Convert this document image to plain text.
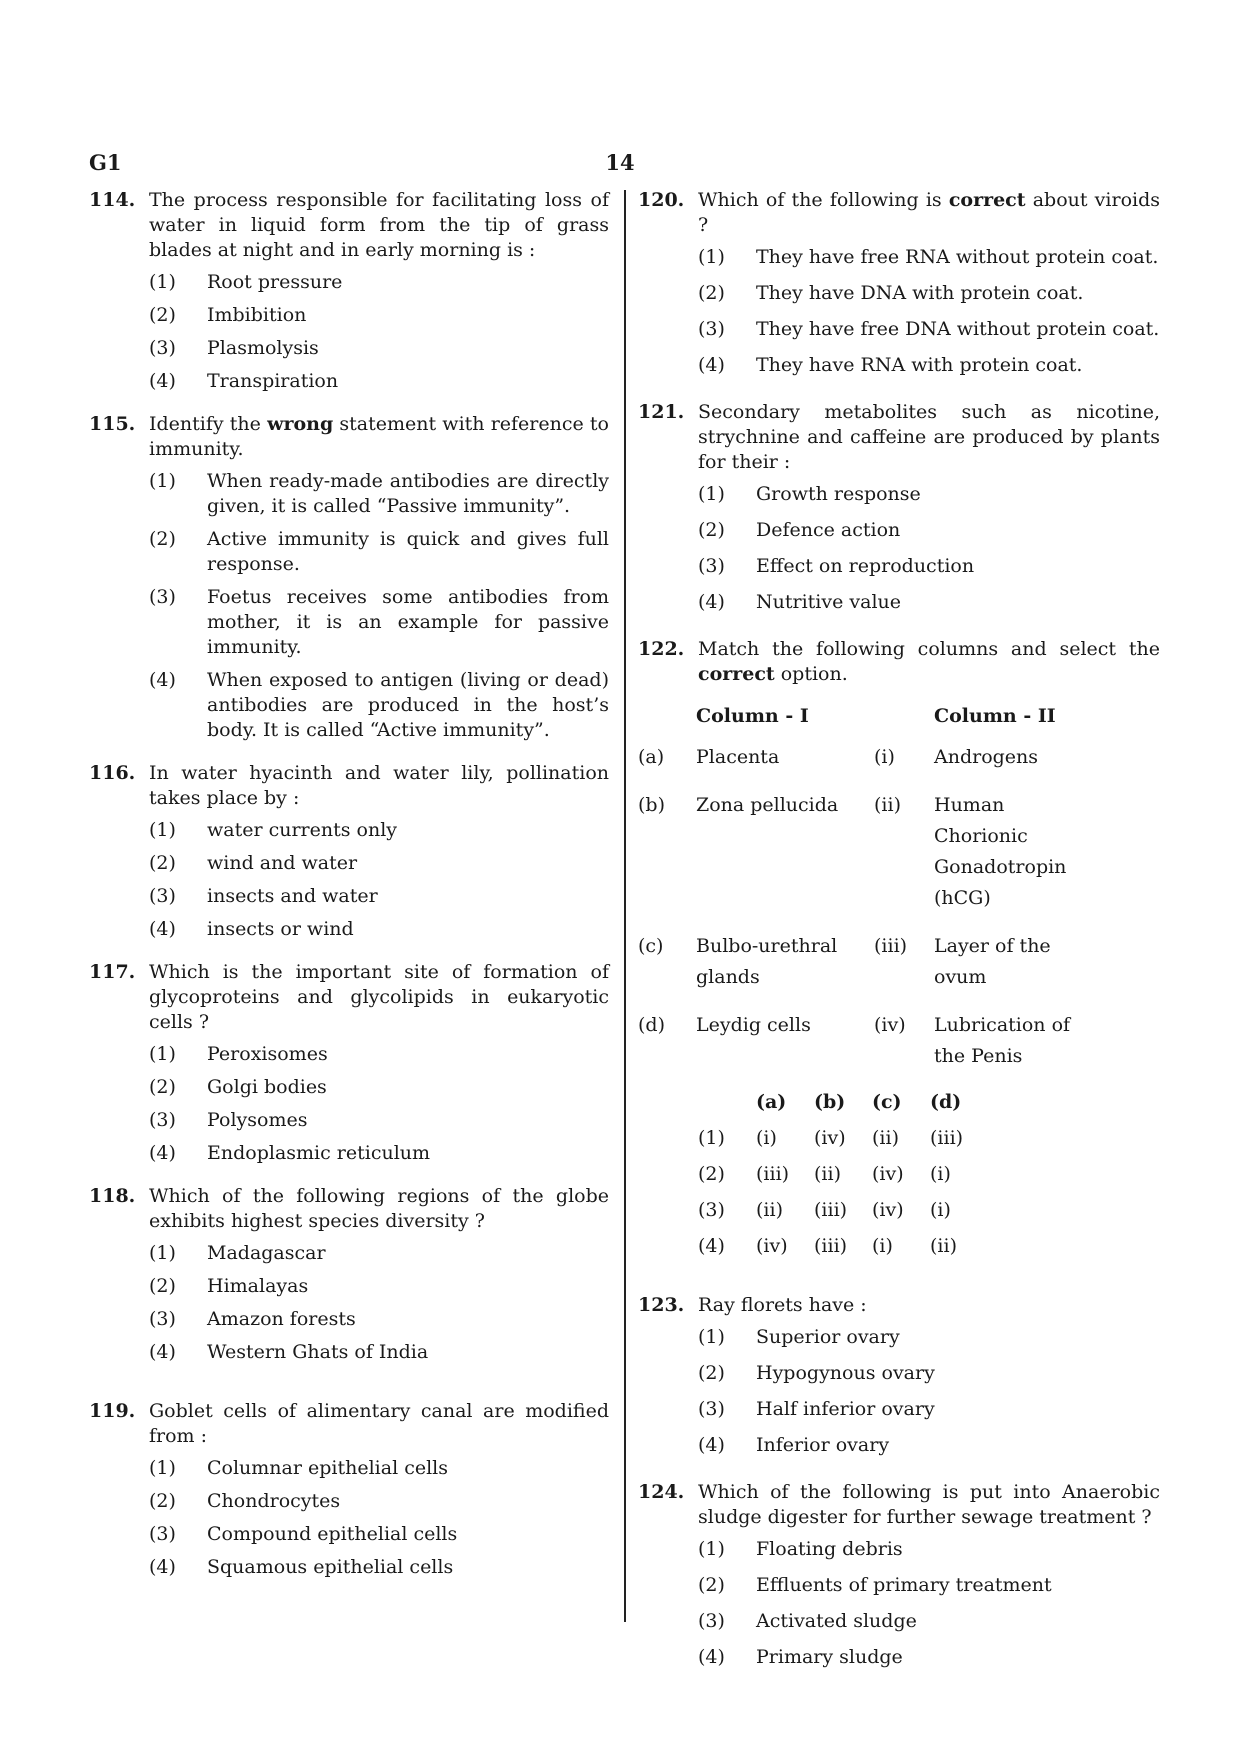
G1	14
114. The process responsible for facilitating loss of water in liquid form from the tip of grass blades at night and in early morning is :
(1) Root pressure
(2) Imbibition
(3) Plasmolysis
(4) Transpiration
115. Identify the wrong statement with reference to immunity.
(1) When ready-made antibodies are directly given, it is called “Passive immunity”.
(2) Active immunity is quick and gives full response.
(3) Foetus receives some antibodies from mother, it is an example for passive immunity.
(4) When exposed to antigen (living or dead) antibodies are produced in the host’s body. It is called “Active immunity”.
116. In water hyacinth and water lily, pollination takes place by :
(1) water currents only
(2) wind and water
(3) insects and water
(4) insects or wind
117. Which is the important site of formation of glycoproteins and glycolipids in eukaryotic cells ?
(1) Peroxisomes
(2) Golgi bodies
(3) Polysomes
(4) Endoplasmic reticulum
118. Which of the following regions of the globe exhibits highest species diversity ?
(1) Madagascar
(2) Himalayas
(3) Amazon forests
(4) Western Ghats of India
119. Goblet cells of alimentary canal are modified from :
(1) Columnar epithelial cells
(2) Chondrocytes
(3) Compound epithelial cells
(4) Squamous epithelial cells
120. Which of the following is correct about viroids ?
(1) They have free RNA without protein coat.
(2) They have DNA with protein coat.
(3) They have free DNA without protein coat.
(4) They have RNA with protein coat.
121. Secondary metabolites such as nicotine, strychnine and caffeine are produced by plants for their :
(1) Growth response
(2) Defence action
(3) Effect on reproduction
(4) Nutritive value
122. Match the following columns and select the correct option.
	Column - I		Column - II
(a)	Placenta	(i)	Androgens
(b)	Zona pellucida	(ii)	Human Chorionic Gonadotropin (hCG)
(c)	Bulbo-urethral glands	(iii)	Layer of the ovum
(d)	Leydig cells	(iv)	Lubrication of the Penis
	(a)	(b)	(c)	(d)
(1)	(i)	(iv)	(ii)	(iii)
(2)	(iii)	(ii)	(iv)	(i)
(3)	(ii)	(iii)	(iv)	(i)
(4)	(iv)	(iii)	(i)	(ii)
123. Ray florets have :
(1) Superior ovary
(2) Hypogynous ovary
(3) Half inferior ovary
(4) Inferior ovary
124. Which of the following is put into Anaerobic sludge digester for further sewage treatment ?
(1) Floating debris
(2) Effluents of primary treatment
(3) Activated sludge
(4) Primary sludge
